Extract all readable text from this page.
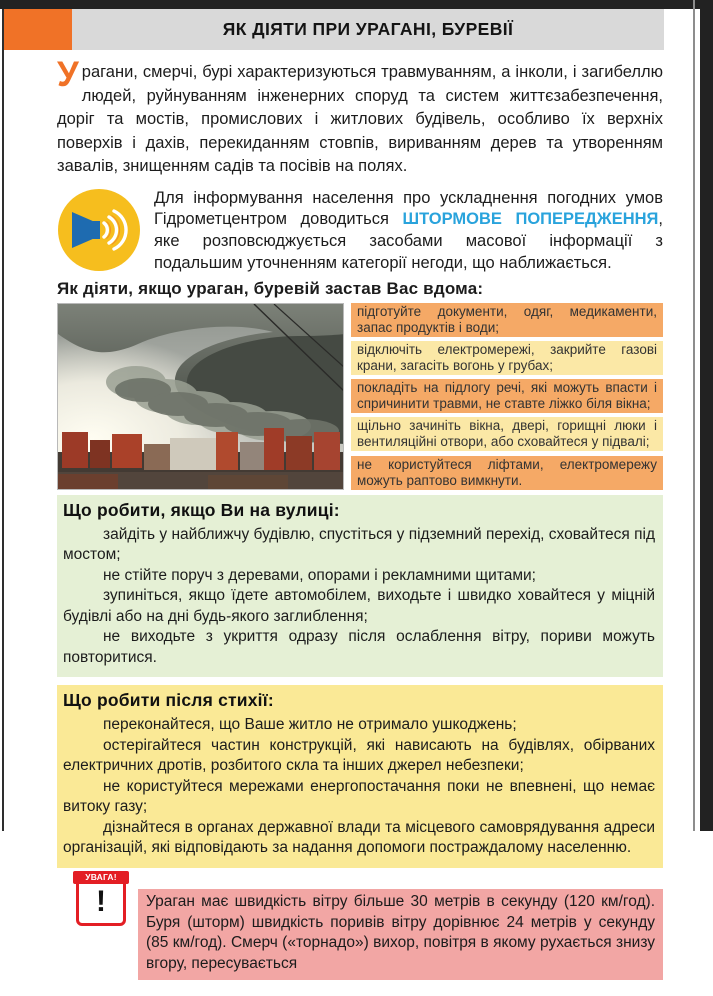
ЯК ДІЯТИ ПРИ УРАГАНІ, БУРЕВІЇ

Урагани, смерчі, бурі характеризуються травмуванням, а інколи, і загибеллю людей, руйнуванням інженерних споруд та систем життєзабезпечення, доріг та мостів, промислових і житлових будівель, особливо їх верхніх поверхів і дахів, перекиданням стовпів, вириванням дерев та утворенням завалів, знищенням садів та посівів на полях.

Для інформування населення про ускладнення погодних умов Гідрометцентром доводиться ШТОРМОВЕ ПОПЕРЕДЖЕННЯ, яке розповсюджується засобами масової інформації з подальшим уточненням категорії негоди, що наближається.

Як діяти, якщо ураган, буревій застав Вас вдома:
підготуйте документи, одяг, медикаменти, запас продуктів і води;
відключіть електромережі, закрийте газові крани, загасіть вогонь у грубах;
покладіть на підлогу речі, які можуть впасти і спричинити травми, не ставте ліжко біля вікна;
щільно зачиніть вікна, двері, горищні люки і вентиляційні отвори, або сховайтеся у підвалі;
не користуйтеся ліфтами, електромережу можуть раптово вимкнути.
Що робити, якщо Ви на вулиці:

зайдіть у найближчу будівлю, спустіться у підземний перехід, сховайтеся під мостом;

не стійте поруч з деревами, опорами і рекламними щитами;

зупиніться, якщо їдете автомобілем, виходьте і швидко ховайтеся у міцній будівлі або на дні будь-якого заглиблення;

не виходьте з укриття одразу після ослаблення вітру, пориви можуть повторитися.

Що робити після стихії:

переконайтеся, що Ваше житло не отримало ушкоджень;

остерігайтеся частин конструкцій, які нависають на будівлях, обірваних електричних дротів, розбитого скла та інших джерел небезпеки;

не користуйтеся мережами енергопостачання поки не впевнені, що немає витоку газу;

дізнайтеся в органах державної влади та місцевого самоврядування адреси організацій, які відповідають за надання допомоги постраждалому населенню.

УВАГА!
!	Ураган має швидкість вітру більше 30 метрів в секунду (120 км/год). Буря (шторм) швидкість поривів вітру дорівнює 24 метрів у секунду (85 км/год). Смерч («торнадо») вихор, повітря в якому рухається знизу вгору, пересувається
